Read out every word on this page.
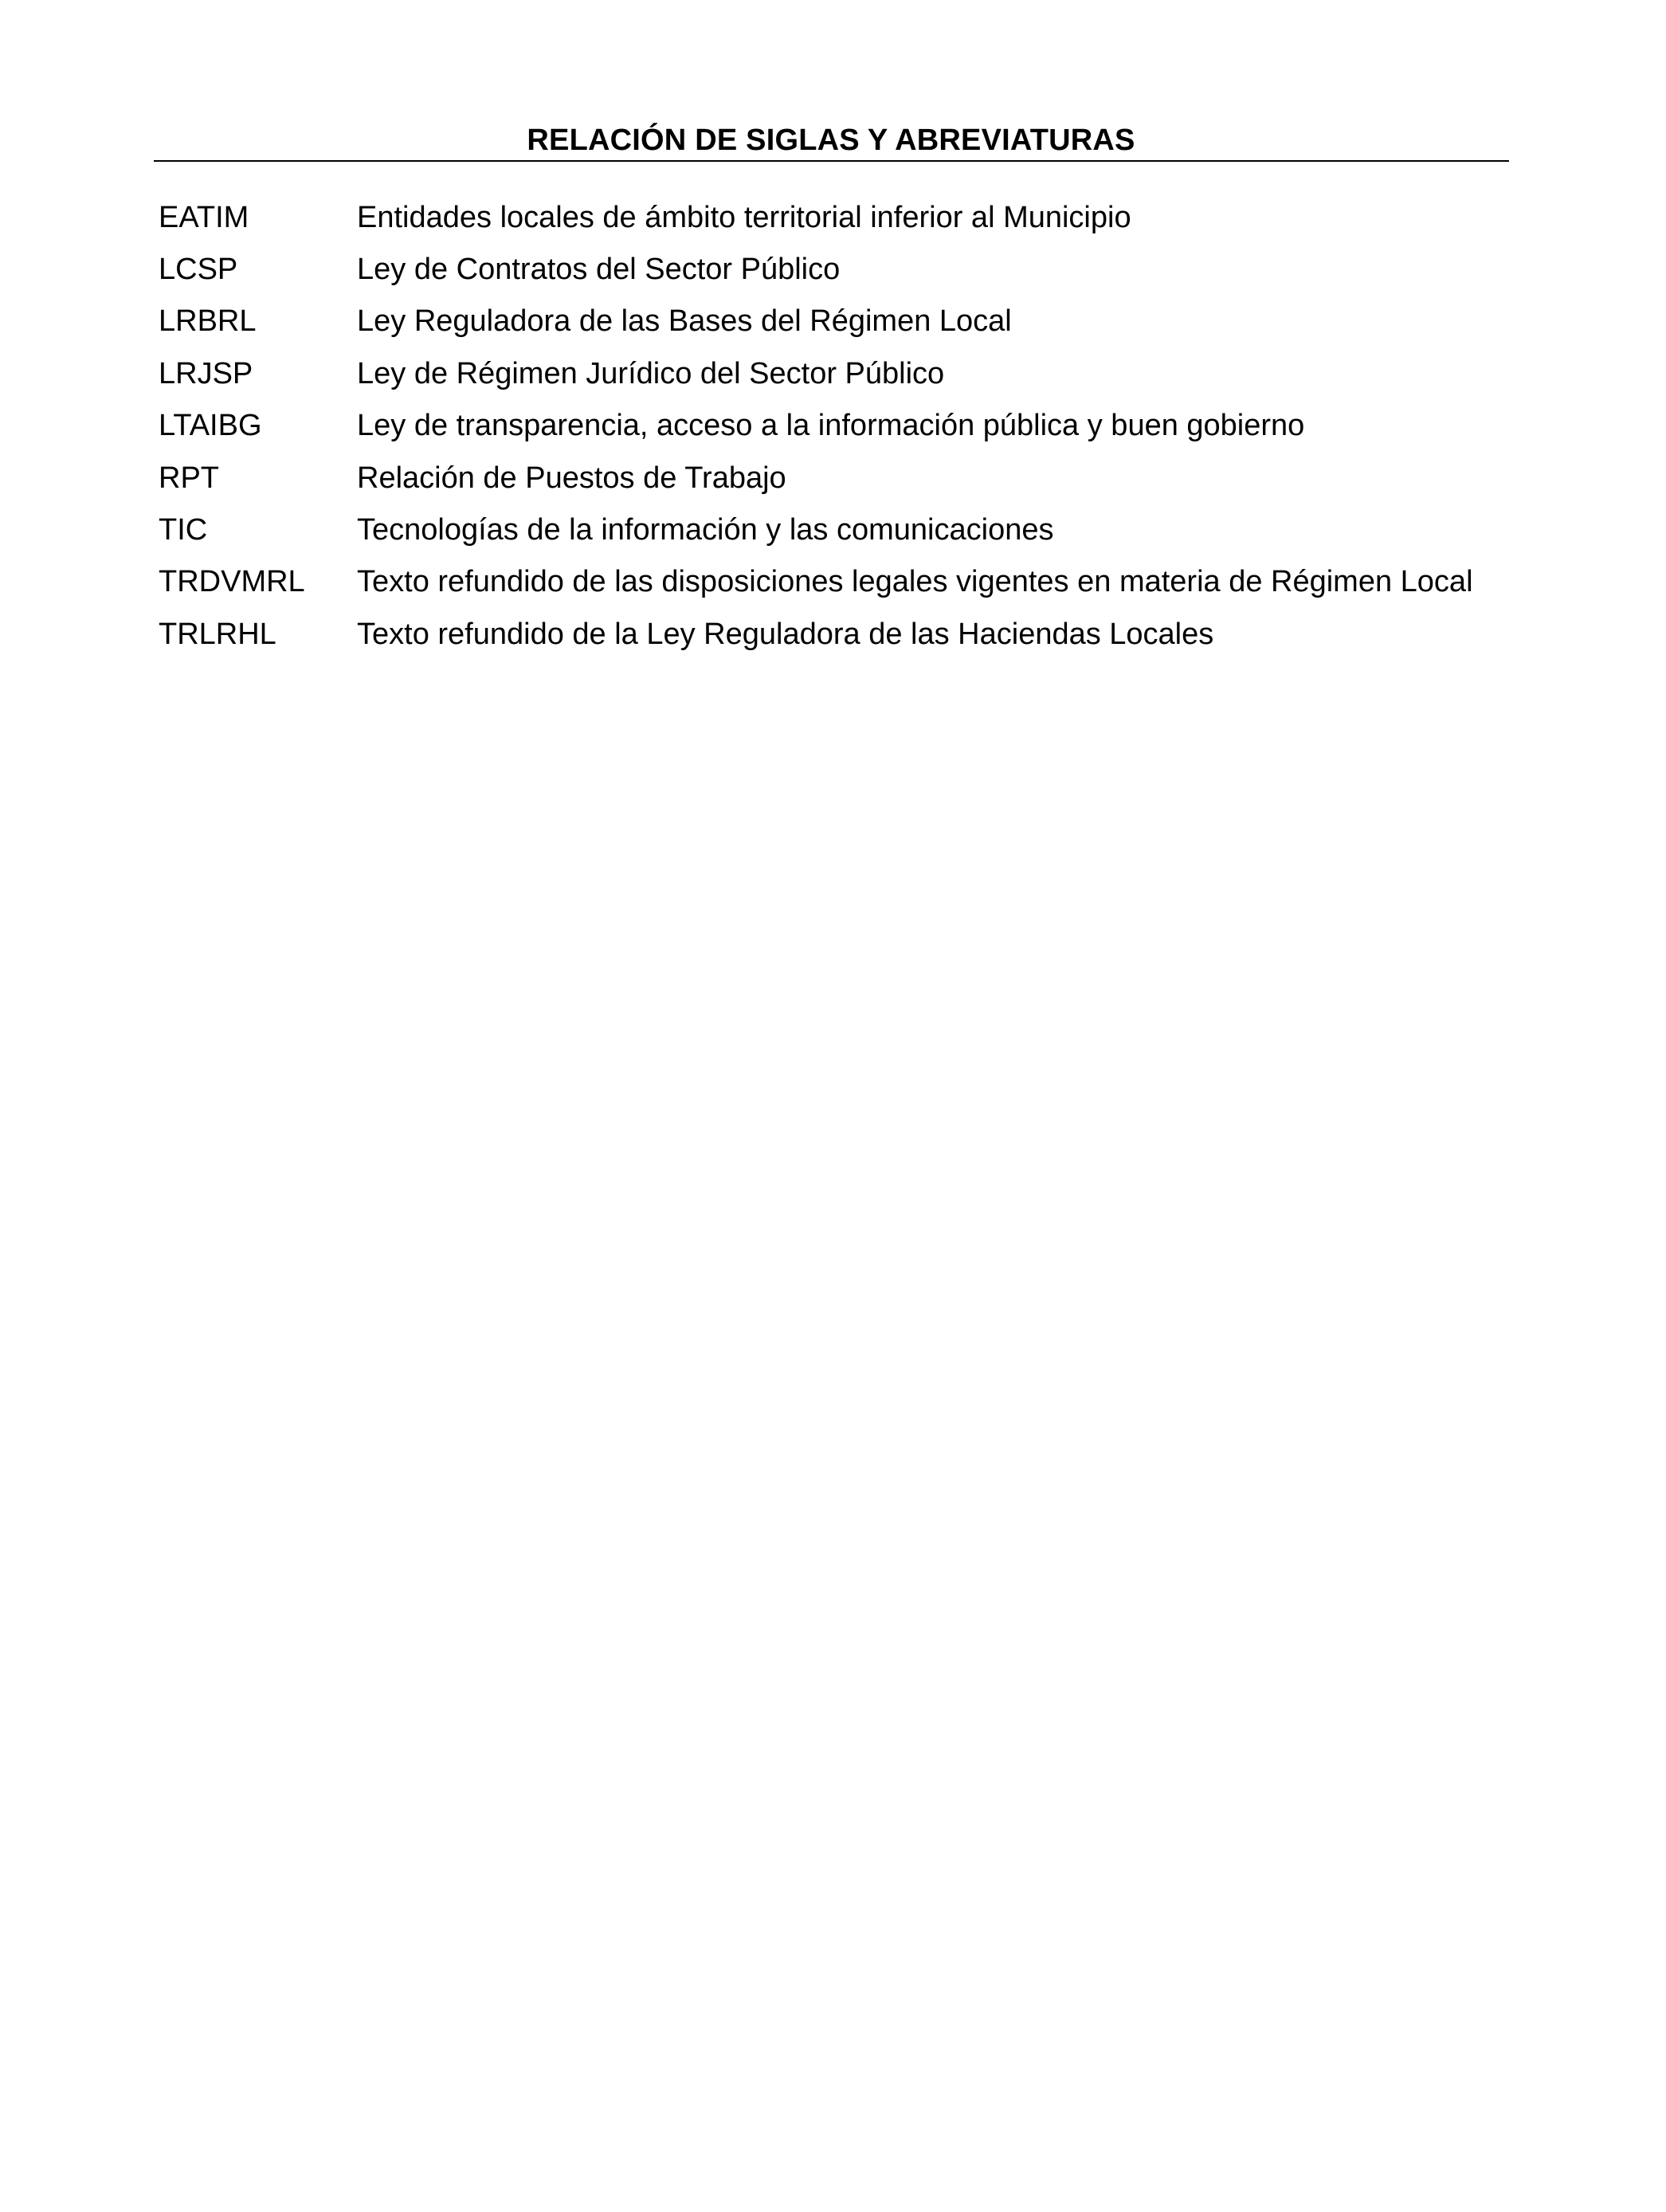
RELACIÓN DE SIGLAS Y ABREVIATURAS
EATIM	Entidades locales de ámbito territorial inferior al Municipio
LCSP	Ley de Contratos del Sector Público
LRBRL	Ley Reguladora de las Bases del Régimen Local
LRJSP	Ley de Régimen Jurídico del Sector Público
LTAIBG	Ley de transparencia, acceso a la información pública y buen gobierno
RPT	Relación de Puestos de Trabajo
TIC	Tecnologías de la información y las comunicaciones
TRDVMRL	Texto refundido de las disposiciones legales vigentes en materia de Régimen Local
TRLRHL	Texto refundido de la Ley Reguladora de las Haciendas Locales
